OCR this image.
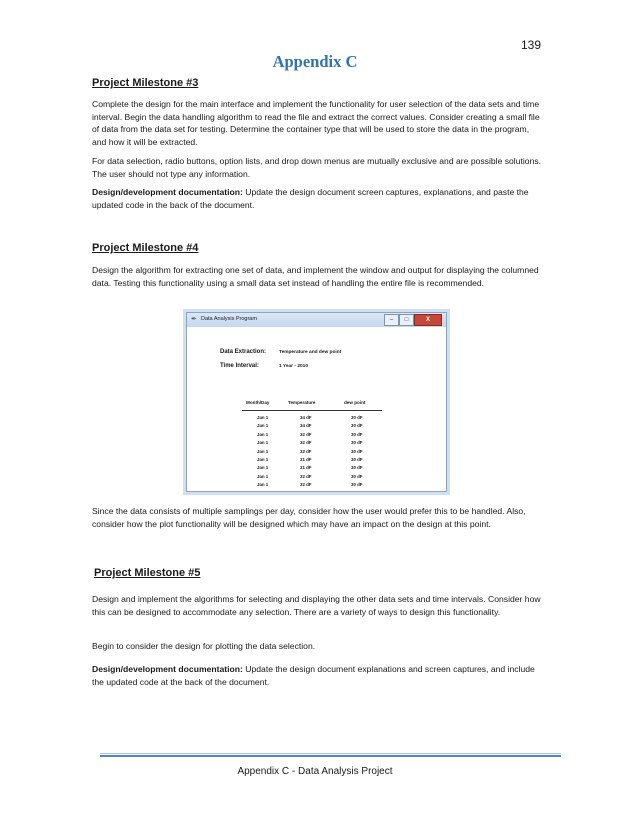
139
Appendix C
Project Milestone #3

Complete the design for the main interface and implement the functionality for user selection of the data sets and time interval. Begin the data handling algorithm to read the file and extract the correct values. Consider creating a small file of data from the data set for testing. Determine the container type that will be used to store the data in the program, and how it will be extracted.

For data selection, radio buttons, option lists, and drop down menus are mutually exclusive and are possible solutions. The user should not type any information.

Design/development documentation: Update the design document screen captures, explanations, and paste the updated code in the back of the document.

Project Milestone #4

Design the algorithm for extracting one set of data, and implement the window and output for displaying the columned data. Testing this functionality using a small data set instead of handling the entire file is recommended.

✒ Data Analysis Program	–	□	X
Data Extraction:	Temperature and dew point
Time Interval:	1 Year - 2010
Month/Day	Temperature	dew point
Jan 1	34 dF	30 dF
Jan 1	34 dF	30 dF
Jan 1	32 dF	30 dF
Jan 1	32 dF	30 dF
Jan 1	32 dF	30 dF
Jan 1	31 dF	30 dF
Jan 1	31 dF	30 dF
Jan 1	32 dF	30 dF
Jan 1	32 dF	30 dF

Since the data consists of multiple samplings per day, consider how the user would prefer this to be handled. Also, consider how the plot functionality will be designed which may have an impact on the design at this point.

Project Milestone #5

Design and implement the algorithms for selecting and displaying the other data sets and time intervals. Consider how this can be designed to accommodate any selection. There are a variety of ways to design this functionality.

Begin to consider the design for plotting the data selection.

Design/development documentation: Update the design document explanations and screen captures, and include the updated code at the back of the document.

Appendix C - Data Analysis Project
